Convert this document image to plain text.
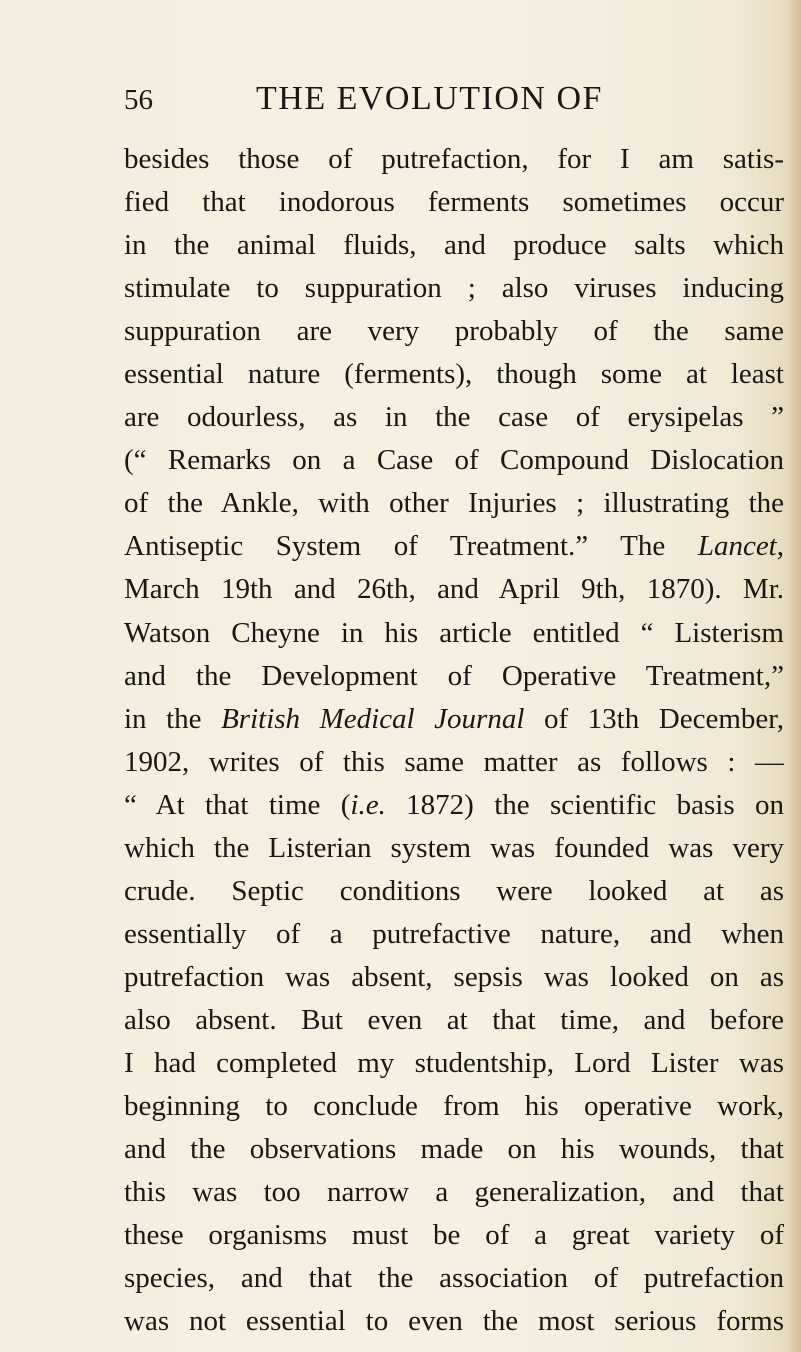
56	THE EVOLUTION OF
besides those of putrefaction, for I am satis-
fied that inodorous ferments sometimes occur
in the animal fluids, and produce salts which
stimulate to suppuration ; also viruses inducing
suppuration are very probably of the same
essential nature (ferments), though some at least
are odourless, as in the case of erysipelas ”
(“ Remarks on a Case of Compound Dislocation
of the Ankle, with other Injuries ; illustrating the
Antiseptic System of Treatment.” The Lancet,
March 19th and 26th, and April 9th, 1870). Mr.
Watson Cheyne in his article entitled “ Listerism
and the Development of Operative Treatment,”
in the British Medical Journal of 13th December,
1902, writes of this same matter as follows : —
“ At that time (i.e. 1872) the scientific basis on
which the Listerian system was founded was very
crude. Septic conditions were looked at as
essentially of a putrefactive nature, and when
putrefaction was absent, sepsis was looked on as
also absent. But even at that time, and before
I had completed my studentship, Lord Lister was
beginning to conclude from his operative work,
and the observations made on his wounds, that
this was too narrow a generalization, and that
these organisms must be of a great variety of
species, and that the association of putrefaction
was not essential to even the most serious forms
